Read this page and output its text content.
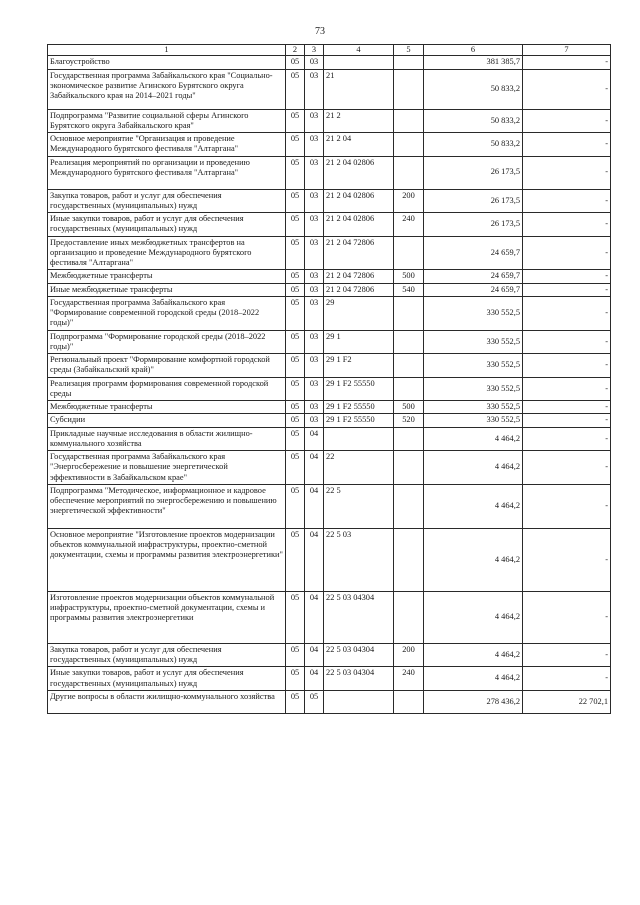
73
1	2	3	4	5	6	7
Благоустройство	05	03			381 385,7	-
Государственная программа Забайкальского края "Социально-экономическое развитие Агинского Бурятского округа Забайкальского края на 2014–2021 годы"	05	03	21		50 833,2	-
Подпрограмма "Развитие социальной сферы Агинского Бурятского округа Забайкальского края"	05	03	21 2		50 833,2	-
Основное мероприятие "Организация и проведение Международного бурятского фестиваля "Алтаргана"	05	03	21 2 04		50 833,2	-
Реализация мероприятий по организации и проведению Международного бурятского фестиваля "Алтаргана"	05	03	21 2 04 02806		26 173,5	-
Закупка товаров, работ и услуг для обеспечения государственных (муниципальных) нужд	05	03	21 2 04 02806	200	26 173,5	-
Иные закупки товаров, работ и услуг для обеспечения государственных (муниципальных) нужд	05	03	21 2 04 02806	240	26 173,5	-
Предоставление иных межбюджетных трансфертов на организацию и проведение Международного бурятского фестиваля "Алтаргана"	05	03	21 2 04 72806		24 659,7	-
Межбюджетные трансферты	05	03	21 2 04 72806	500	24 659,7	-
Иные межбюджетные трансферты	05	03	21 2 04 72806	540	24 659,7	-
Государственная программа Забайкальского края "Формирование современной городской среды (2018–2022 годы)"	05	03	29		330 552,5	-
Подпрограмма "Формирование городской среды (2018–2022 годы)"	05	03	29 1		330 552,5	-
Региональный проект "Формирование комфортной городской среды (Забайкальский край)"	05	03	29 1 F2		330 552,5	-
Реализация программ формирования современной городской среды	05	03	29 1 F2 55550		330 552,5	-
Межбюджетные трансферты	05	03	29 1 F2 55550	500	330 552,5	-
Субсидии	05	03	29 1 F2 55550	520	330 552,5	-
Прикладные научные исследования в области жилищно-коммунального хозяйства	05	04			4 464,2	-
Государственная программа Забайкальского края "Энергосбережение и повышение энергетической эффективности в Забайкальском крае"	05	04	22		4 464,2	-
Подпрограмма "Методическое, информационное и кадровое обеспечение мероприятий по энергосбережению и повышению энергетической эффективности"	05	04	22 5		4 464,2	-
Основное мероприятие "Изготовление проектов модернизации объектов коммунальной инфраструктуры, проектно-сметной документации, схемы и программы развития электроэнергетики"	05	04	22 5 03		4 464,2	-
Изготовление проектов модернизации объектов коммунальной инфраструктуры, проектно-сметной документации, схемы и программы развития электроэнергетики	05	04	22 5 03 04304		4 464,2	-
Закупка товаров, работ и услуг для обеспечения государственных (муниципальных) нужд	05	04	22 5 03 04304	200	4 464,2	-
Иные закупки товаров, работ и услуг для обеспечения государственных (муниципальных) нужд	05	04	22 5 03 04304	240	4 464,2	-
Другие вопросы в области жилищно-коммунального хозяйства	05	05			278 436,2	22 702,1
